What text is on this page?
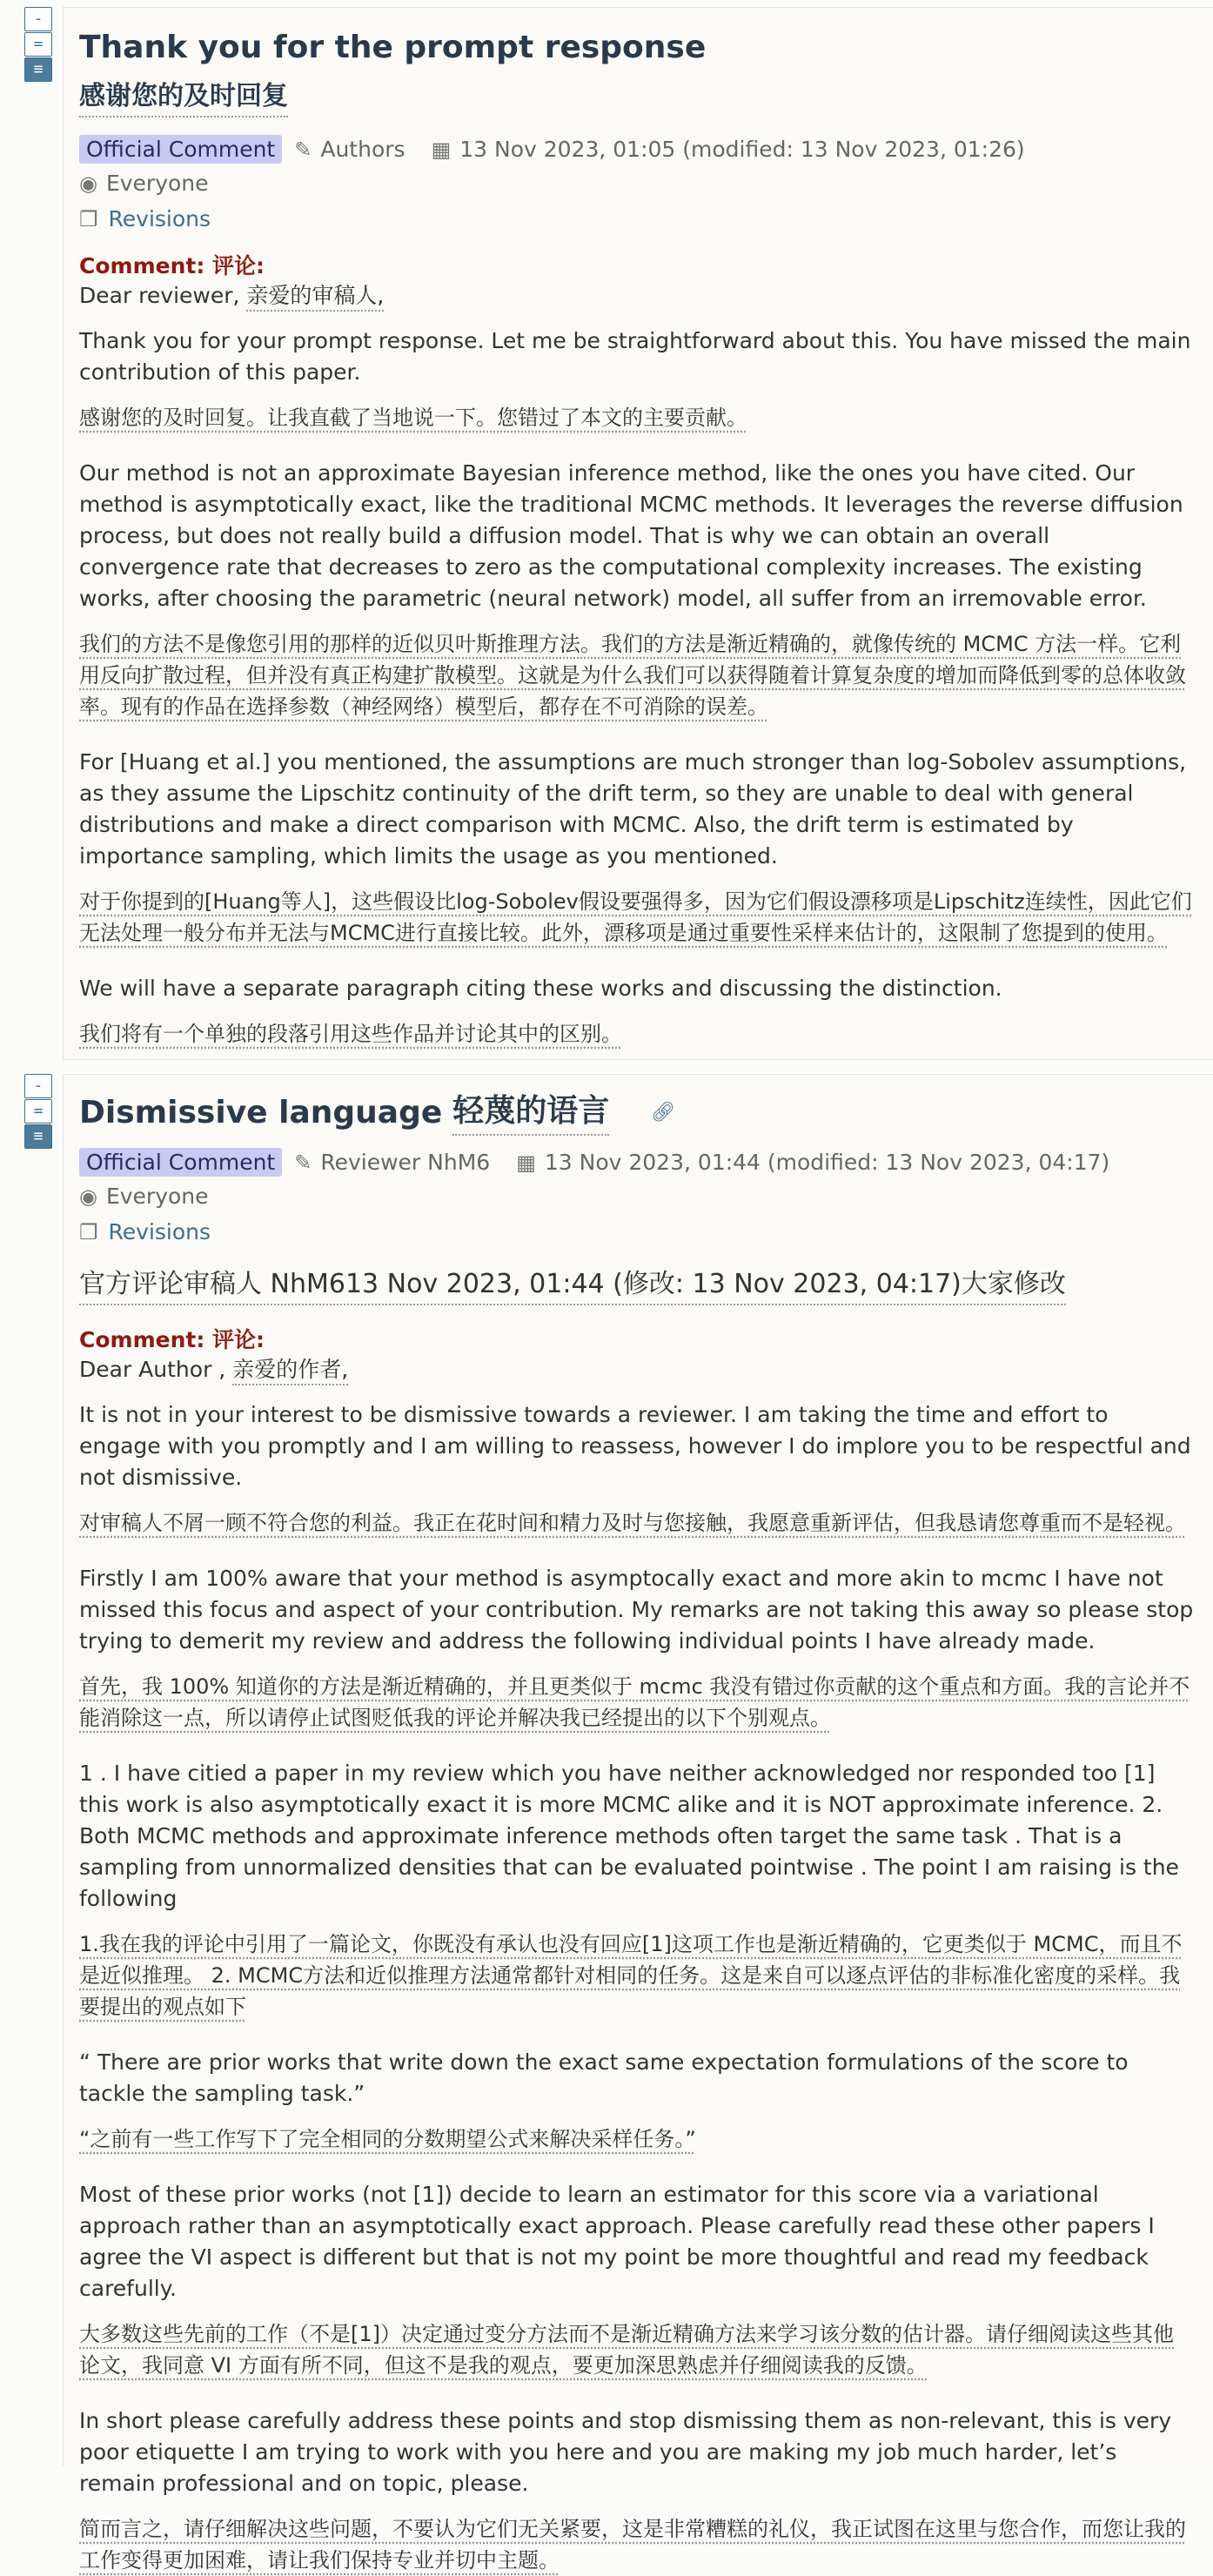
-
=
≡
Thank you for the prompt response
感谢您的及时回复
Official Comment ✎ Authors ▦ 13 Nov 2023, 01:05 (modified: 13 Nov 2023, 01:26)
◉ Everyone
❐ Revisions
Comment: 评论:

Dear reviewer, 亲爱的审稿人,

Thank you for your prompt response. Let me be straightforward about this. You have missed the main contribution of this paper.

感谢您的及时回复。让我直截了当地说一下。您错过了本文的主要贡献。

Our method is not an approximate Bayesian inference method, like the ones you have cited. Our method is asymptotically exact, like the traditional MCMC methods. It leverages the reverse diffusion process, but does not really build a diffusion model. That is why we can obtain an overall convergence rate that decreases to zero as the computational complexity increases. The existing works, after choosing the parametric (neural network) model, all suffer from an irremovable error.

我们的方法不是像您引用的那样的近似贝叶斯推理方法。我们的方法是渐近精确的，就像传统的 MCMC 方法一样。它利用反向扩散过程，但并没有真正构建扩散模型。这就是为什么我们可以获得随着计算复杂度的增加而降低到零的总体收敛率。现有的作品在选择参数（神经网络）模型后，都存在不可消除的误差。

For [Huang et al.] you mentioned, the assumptions are much stronger than log-Sobolev assumptions, as they assume the Lipschitz continuity of the drift term, so they are unable to deal with general distributions and make a direct comparison with MCMC. Also, the drift term is estimated by importance sampling, which limits the usage as you mentioned.

对于你提到的[Huang等人]，这些假设比log-Sobolev假设要强得多，因为它们假设漂移项是Lipschitz连续性，因此它们无法处理一般分布并无法与MCMC进行直接比较。此外，漂移项是通过重要性采样来估计的，这限制了您提到的使用。

We will have a separate paragraph citing these works and discussing the distinction.

我们将有一个单独的段落引用这些作品并讨论其中的区别。

-
=
≡
Dismissive language 轻蔑的语言 🔗︎
Official Comment ✎ Reviewer NhM6 ▦ 13 Nov 2023, 01:44 (modified: 13 Nov 2023, 04:17)
◉ Everyone
❐ Revisions
官方评论审稿人 NhM613 Nov 2023, 01:44 (修改: 13 Nov 2023, 04:17)大家修改
Comment: 评论:

Dear Author , 亲爱的作者,

It is not in your interest to be dismissive towards a reviewer. I am taking the time and effort to engage with you promptly and I am willing to reassess, however I do implore you to be respectful and not dismissive.

对审稿人不屑一顾不符合您的利益。我正在花时间和精力及时与您接触，我愿意重新评估，但我恳请您尊重而不是轻视。

Firstly I am 100% aware that your method is asymptocally exact and more akin to mcmc I have not missed this focus and aspect of your contribution. My remarks are not taking this away so please stop trying to demerit my review and address the following individual points I have already made.

首先，我 100% 知道你的方法是渐近精确的，并且更类似于 mcmc 我没有错过你贡献的这个重点和方面。我的言论并不能消除这一点，所以请停止试图贬低我的评论并解决我已经提出的以下个别观点。

1 . I have citied a paper in my review which you have neither acknowledged nor responded too [1] this work is also asymptotically exact it is more MCMC alike and it is NOT approximate inference. 2. Both MCMC methods and approximate inference methods often target the same task . That is a sampling from unnormalized densities that can be evaluated pointwise . The point I am raising is the following

1.我在我的评论中引用了一篇论文，你既没有承认也没有回应[1]这项工作也是渐近精确的，它更类似于 MCMC，而且不是近似推理。 2. MCMC方法和近似推理方法通常都针对相同的任务。这是来自可以逐点评估的非标准化密度的采样。我要提出的观点如下

“ There are prior works that write down the exact same expectation formulations of the score to tackle the sampling task.”

“之前有一些工作写下了完全相同的分数期望公式来解决采样任务。”

Most of these prior works (not [1]) decide to learn an estimator for this score via a variational approach rather than an asymptotically exact approach. Please carefully read these other papers I agree the VI aspect is different but that is not my point be more thoughtful and read my feedback carefully.

大多数这些先前的工作（不是[1]）决定通过变分方法而不是渐近精确方法来学习该分数的估计器。请仔细阅读这些其他论文，我同意 VI 方面有所不同，但这不是我的观点，要更加深思熟虑并仔细阅读我的反馈。

In short please carefully address these points and stop dismissing them as non-relevant, this is very poor etiquette I am trying to work with you here and you are making my job much harder, let’s remain professional and on topic, please.

简而言之，请仔细解决这些问题，不要认为它们无关紧要，这是非常糟糕的礼仪，我正试图在这里与您合作，而您让我的工作变得更加困难，请让我们保持专业并切中主题。
